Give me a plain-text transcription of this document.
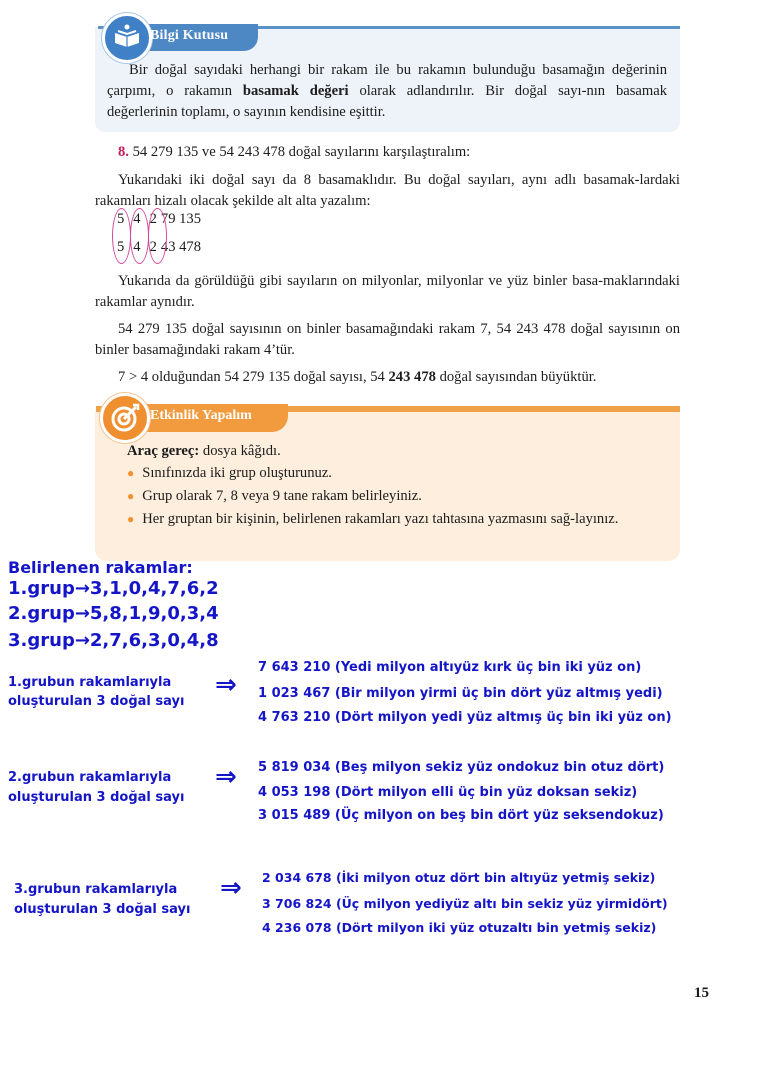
Bilgi Kutusu

Bir doğal sayıdaki herhangi bir rakam ile bu rakamın bulunduğu basamağın değerinin çarpımı, o rakamın basamak değeri olarak adlandırılır. Bir doğal sayı-nın basamak değerlerinin toplamı, o sayının kendisine eşittir.

8. 54 279 135 ve 54 243 478 doğal sayılarını karşılaştıralım:

Yukarıdaki iki doğal sayı da 8 basamaklıdır. Bu doğal sayıları, aynı adlı basamak-lardaki rakamları hizalı olacak şekilde alt alta yazalım:

5 4 2 79 135
5 4 2 43 478

Yukarıda da görüldüğü gibi sayıların on milyonlar, milyonlar ve yüz binler basa-maklarındaki rakamlar aynıdır.

54 279 135 doğal sayısının on binler basamağındaki rakam 7, 54 243 478 doğal sayısının on binler basamağındaki rakam 4’tür.

7 > 4 olduğundan 54 279 135 doğal sayısı, 54 243 478 doğal sayısından büyüktür.

Etkinlik Yapalım

Araç gereç: dosya kâğıdı.

● Sınıfınızda iki grup oluşturunuz.

● Grup olarak 7, 8 veya 9 tane rakam belirleyiniz.

● Her gruptan bir kişinin, belirlenen rakamları yazı tahtasına yazmasını sağ-layınız.

Belirlenen rakamlar:
1.grup→3,1,0,4,7,6,2
2.grup→5,8,1,9,0,3,4
3.grup→2,7,6,3,0,4,8
1.grubun rakamlarıyla
oluşturulan 3 doğal sayı
⇒
7 643 210 (Yedi milyon altıyüz kırk üç bin iki yüz on)
1 023 467 (Bir milyon yirmi üç bin dört yüz altmış yedi)
4 763 210 (Dört milyon yedi yüz altmış üç bin iki yüz on)
2.grubun rakamlarıyla
oluşturulan 3 doğal sayı
⇒ 5 819 034 (Beş milyon sekiz yüz ondokuz bin otuz dört)
4 053 198 (Dört milyon elli üç bin yüz doksan sekiz)
3 015 489 (Üç milyon on beş bin dört yüz seksendokuz)
3.grubun rakamlarıyla
oluşturulan 3 doğal sayı
⇒ 2 034 678 (İki milyon otuz dört bin altıyüz yetmiş sekiz)
3 706 824 (Üç milyon yediyüz altı bin sekiz yüz yirmidört)
4 236 078 (Dört milyon iki yüz otuzaltı bin yetmiş sekiz)
15
